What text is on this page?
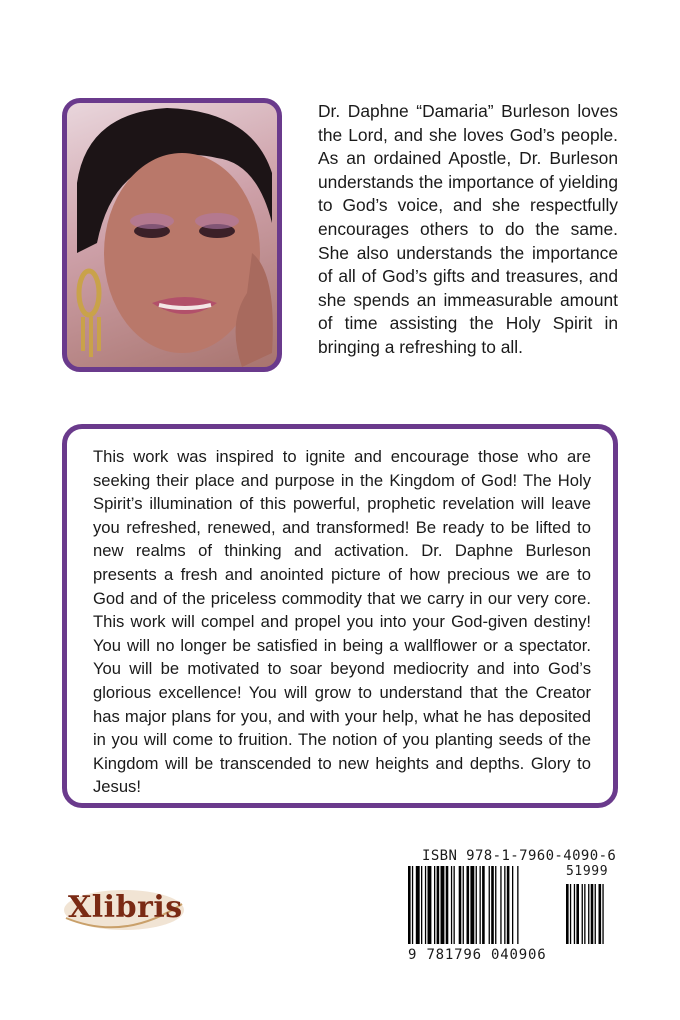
Dr. Daphne “Damaria” Burleson loves the Lord, and she loves God’s people. As an ordained Apostle, Dr. Burleson understands the importance of yielding to God’s voice, and she respectfully encourages others to do the same. She also understands the importance of all of God’s gifts and treasures, and she spends an immeasurable amount of time assisting the Holy Spirit in bringing a refreshing to all.

This work was inspired to ignite and encourage those who are seeking their place and purpose in the Kingdom of God! The Holy Spirit’s illumination of this powerful, prophetic revelation will leave you refreshed, renewed, and transformed! Be ready to be lifted to new realms of thinking and activation. Dr. Daphne Burleson presents a fresh and anointed picture of how precious we are to God and of the priceless commodity that we carry in our very core. This work will compel and propel you into your God-given destiny! You will no longer be satisfied in being a wallflower or a spectator. You will be motivated to soar beyond mediocrity and into God’s glorious excellence! You will grow to understand that the Creator has major plans for you, and with your help, what he has deposited in you will come to fruition. The notion of you planting seeds of the Kingdom will be transcended to new heights and depths. Glory to Jesus!

Xlibris
ISBN 978-1-7960-4090-6
51999
9 781796 040906
